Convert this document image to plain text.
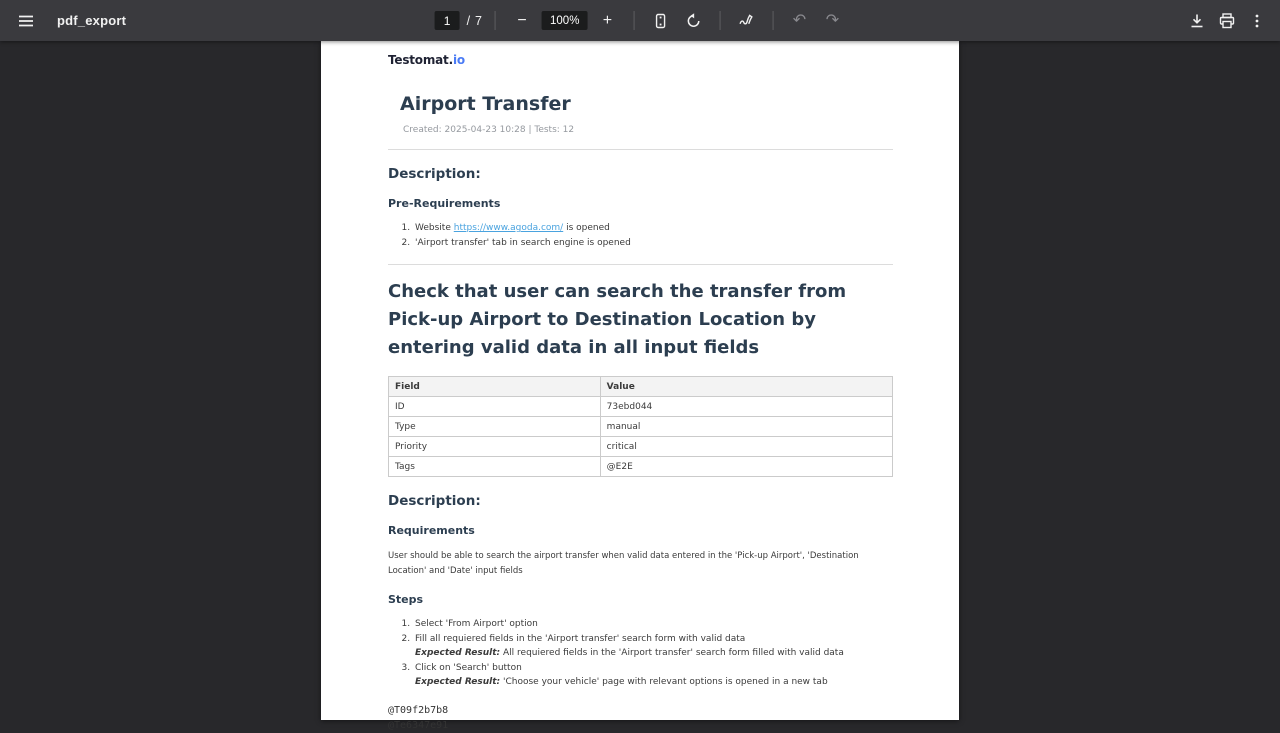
pdf_export
1	/ 7 −	100%	+	↶ ↷
Testomat.io
Airport Transfer
Created: 2025-04-23 10:28 | Tests: 12
Description:
Pre-Requirements
1. Website https://www.agoda.com/ is opened
2. 'Airport transfer' tab in search engine is opened
Check that user can search the transfer from Pick-up Airport to Destination Location by entering valid data in all input fields
Field	Value
ID	73ebd044
Type	manual
Priority	critical
Tags	@E2E
Description:
Requirements

User should be able to search the airport transfer when valid data entered in the 'Pick-up Airport', 'Destination Location' and 'Date' input fields

Steps
1. Select 'From Airport' option
2. Fill all requiered fields in the 'Airport transfer' search form with valid data
Expected Result: All requiered fields in the 'Airport transfer' search form filled with valid data
3. Click on 'Search' button
Expected Result: 'Choose your vehicle' page with relevant options is opened in a new tab
@T09f2b7b8
@Te6347e91
